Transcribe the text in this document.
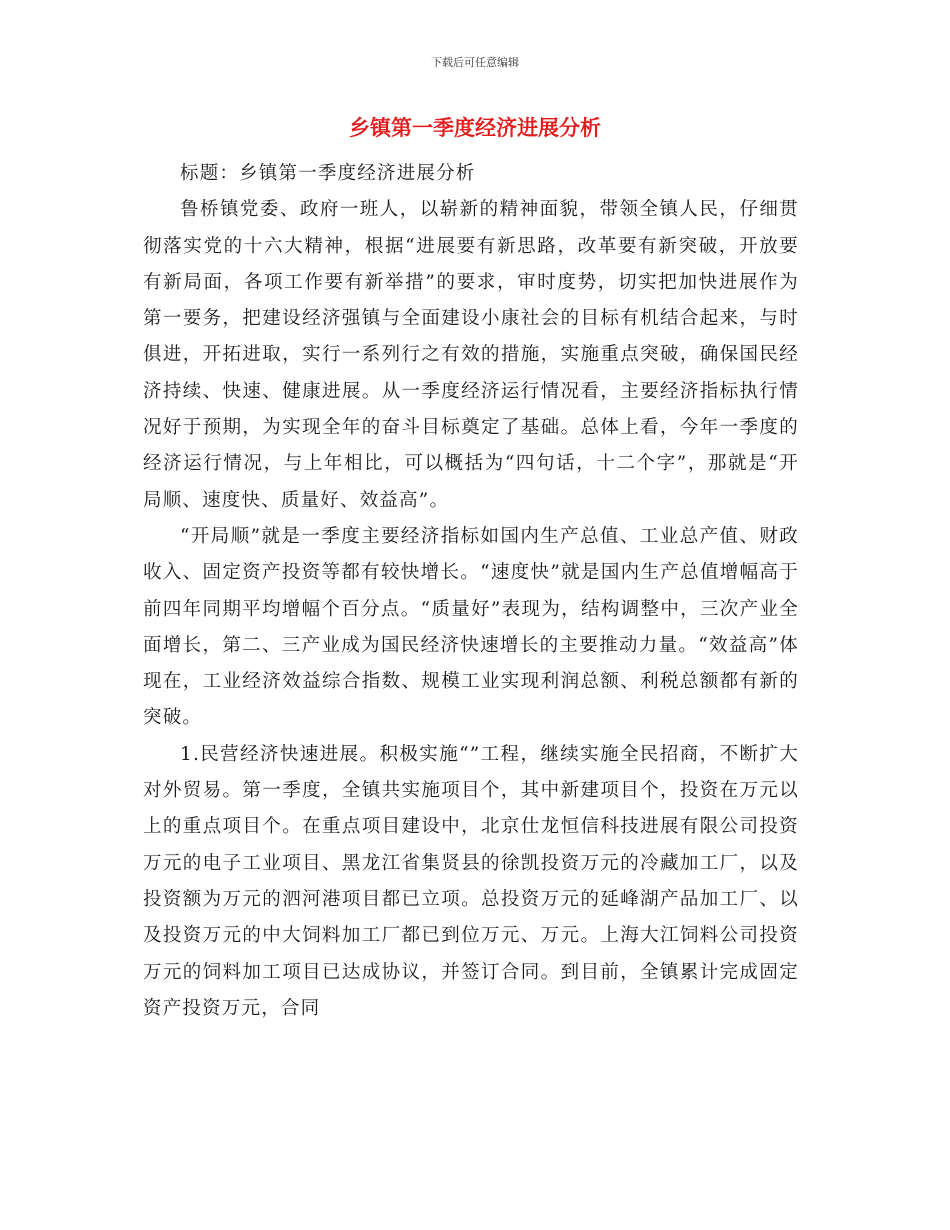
下载后可任意编辑
乡镇第一季度经济进展分析

标题：乡镇第一季度经济进展分析

鲁桥镇党委、政府一班人，以崭新的精神面貌，带领全镇人民，仔细贯彻落实党的十六大精神，根据“进展要有新思路，改革要有新突破，开放要有新局面，各项工作要有新举措”的要求，审时度势，切实把加快进展作为第一要务，把建设经济强镇与全面建设小康社会的目标有机结合起来，与时俱进，开拓进取，实行一系列行之有效的措施，实施重点突破，确保国民经济持续、快速、健康进展。从一季度经济运行情况看，主要经济指标执行情况好于预期，为实现全年的奋斗目标奠定了基础。总体上看，今年一季度的经济运行情况，与上年相比，可以概括为“四句话，十二个字”，那就是“开局顺、速度快、质量好、效益高”。

“开局顺”就是一季度主要经济指标如国内生产总值、工业总产值、财政收入、固定资产投资等都有较快增长。“速度快”就是国内生产总值增幅高于前四年同期平均增幅个百分点。“质量好”表现为，结构调整中，三次产业全面增长，第二、三产业成为国民经济快速增长的主要推动力量。“效益高”体现在，工业经济效益综合指数、规模工业实现利润总额、利税总额都有新的突破。

1.民营经济快速进展。积极实施“”工程，继续实施全民招商，不断扩大对外贸易。第一季度，全镇共实施项目个，其中新建项目个，投资在万元以上的重点项目个。在重点项目建设中，北京仕龙恒信科技进展有限公司投资万元的电子工业项目、黑龙江省集贤县的徐凯投资万元的冷藏加工厂，以及投资额为万元的泗河港项目都已立项。总投资万元的延峰湖产品加工厂、以及投资万元的中大饲料加工厂都已到位万元、万元。上海大江饲料公司投资万元的饲料加工项目已达成协议，并签订合同。到目前，全镇累计完成固定资产投资万元，合同
